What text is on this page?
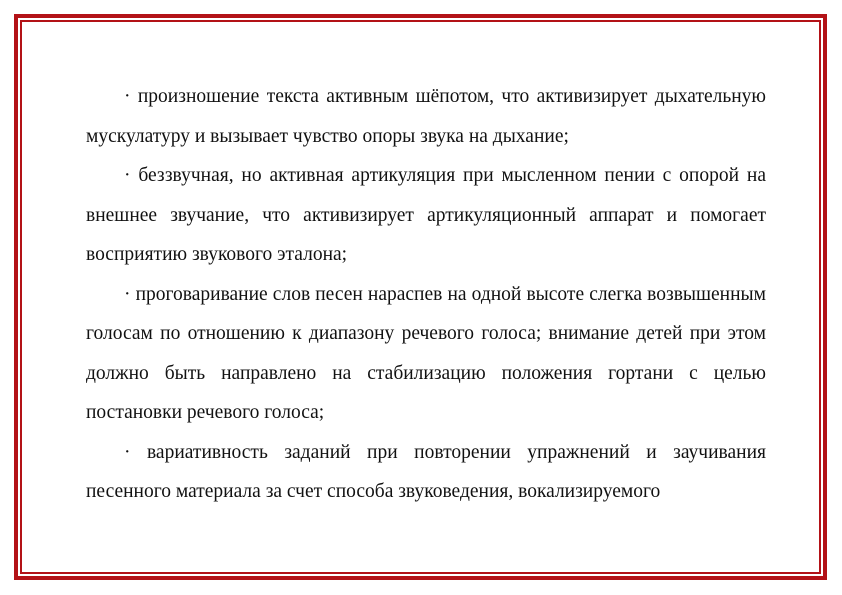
· произношение текста активным шёпотом, что активизирует дыхательную мускулатуру и вызывает чувство опоры звука на дыхание;

· беззвучная, но активная артикуляция при мысленном пении с опорой на внешнее звучание, что активизирует артикуляционный аппарат и помогает восприятию звукового эталона;

· проговаривание слов песен нараспев на одной высоте слегка возвышенным голосам по отношению к диапазону речевого голоса; внимание детей при этом должно быть направлено на стабилизацию положения гортани с целью постановки речевого голоса;

· вариативность заданий при повторении упражнений и заучивания песенного материала за счет способа звуковедения, вокализируемого
